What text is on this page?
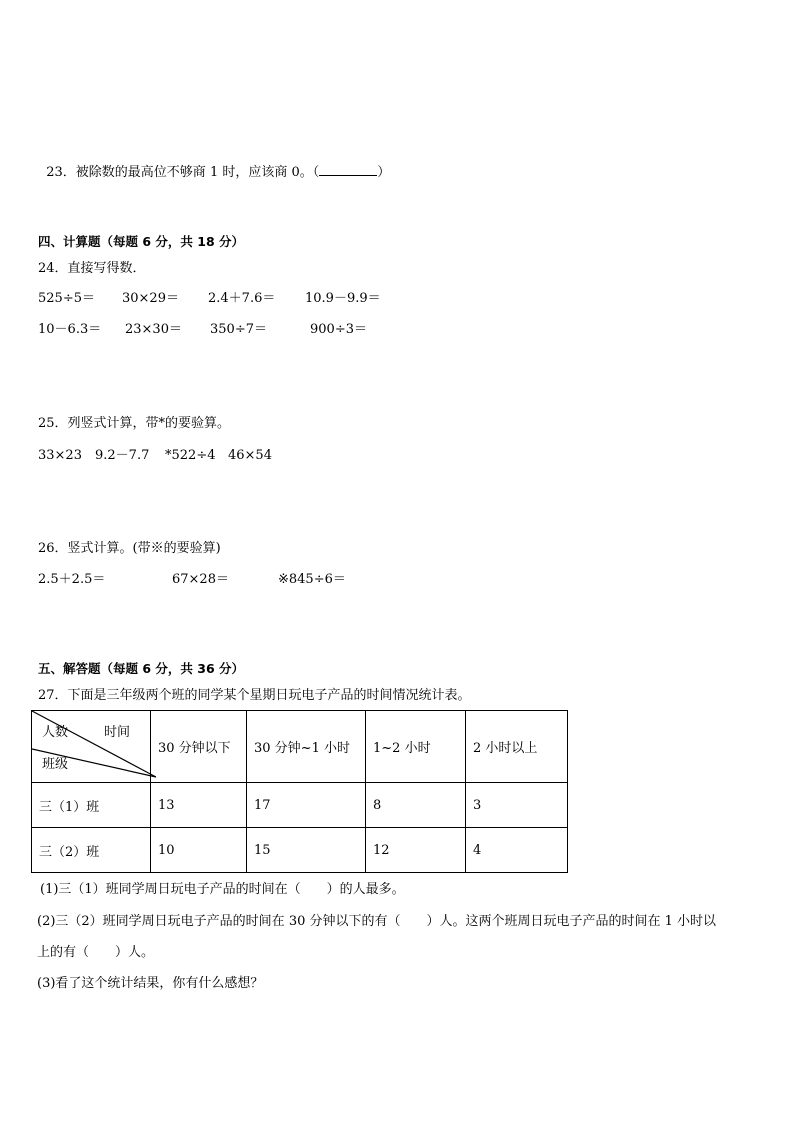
23．被除数的最高位不够商 1 时，应该商 0。（	）

四、计算题（每题 6 分，共 18 分）
24．直接写得数．
525÷5＝ 30×29＝ 2.4＋7.6＝ 10.9－9.9＝
10－6.3＝ 23×30＝ 350÷7＝	900÷3＝
25．列竖式计算，带*的要验算。
33×23 9.2－7.7 *522÷4 46×54
26．竖式计算。(带※的要验算)
2.5＋2.5＝	67×28＝	※845÷6＝
五、解答题（每题 6 分，共 36 分）
27．下面是三年级两个班的同学某个星期日玩电子产品的时间情况统计表。
人数 时间
班级	30 分钟以下	30 分钟~1 小时	1~2 小时	2 小时以上
三（1）班	13	17	8	3
三（2）班	10	15	12	4
(1)三（1）班同学周日玩电子产品的时间在（　　）的人最多。
(2)三（2）班同学周日玩电子产品的时间在 30 分钟以下的有（　　）人。这两个班周日玩电子产品的时间在 1 小时以
上的有（　　）人。
(3)看了这个统计结果，你有什么感想？
